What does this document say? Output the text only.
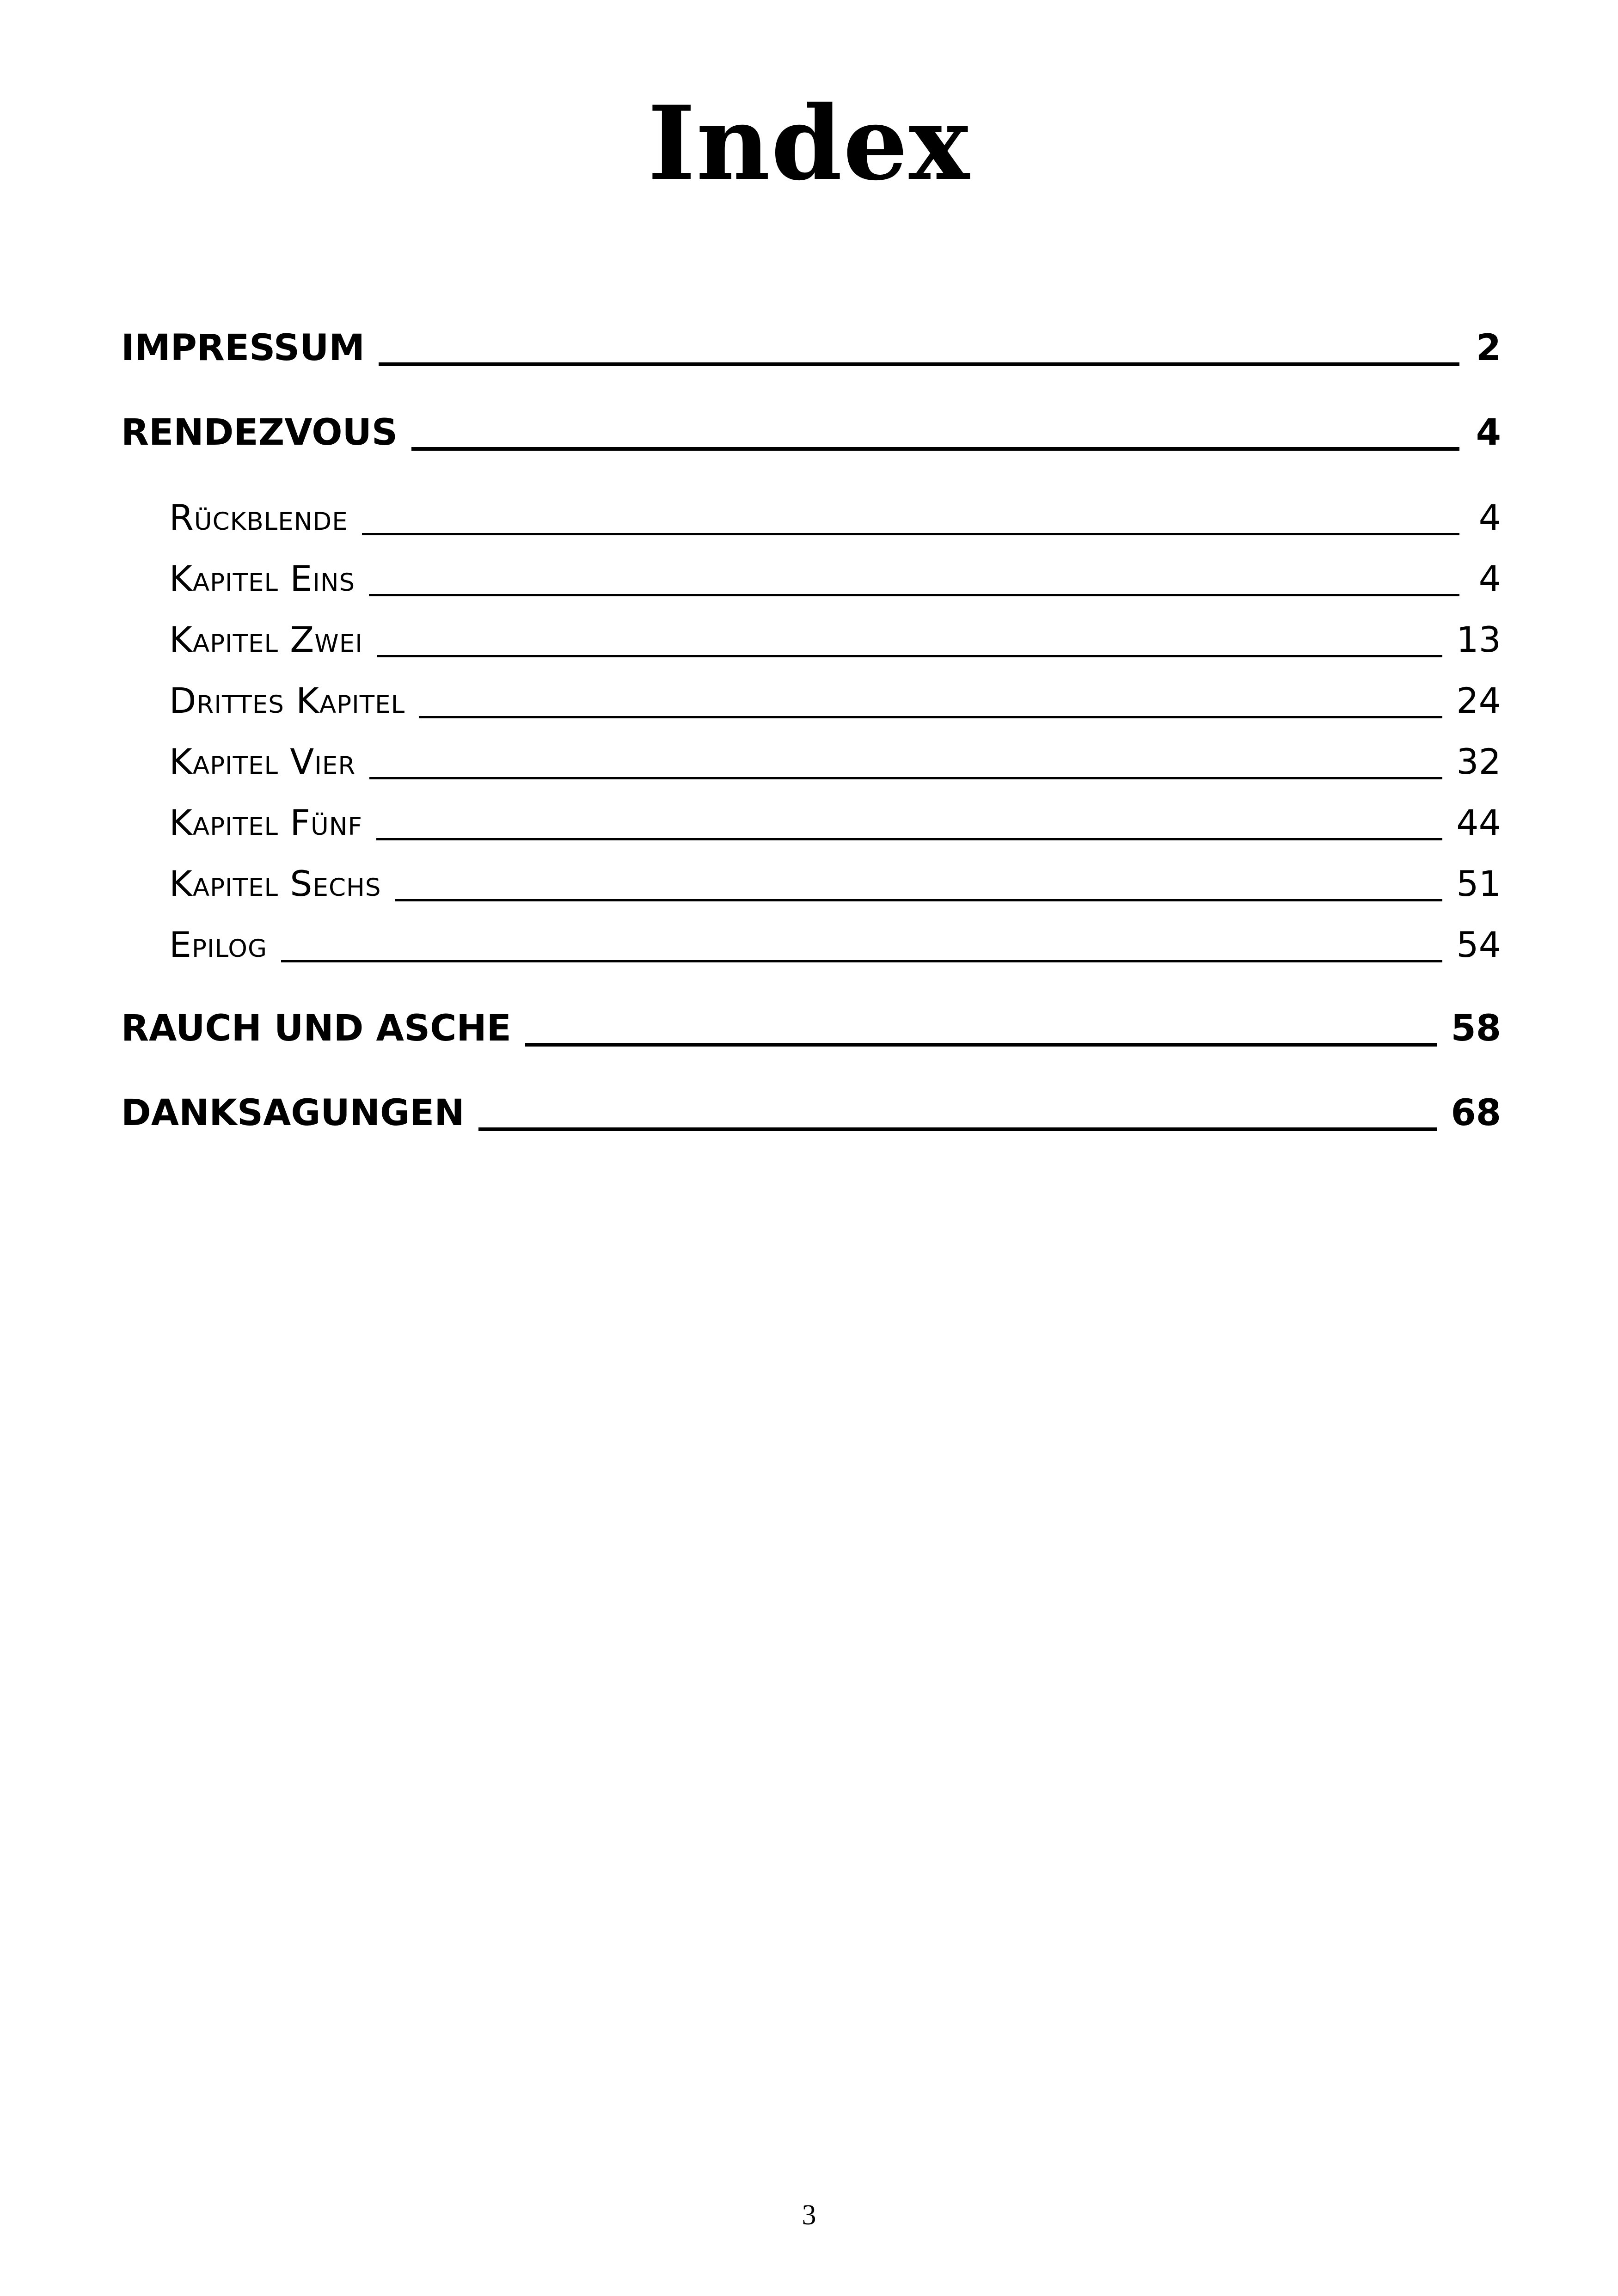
Index
IMPRESSUM	2
RENDEZVOUS	4
Rückblende	4
Kapitel Eins	4
Kapitel Zwei	13
Drittes Kapitel	24
Kapitel Vier	32
Kapitel Fünf	44
Kapitel Sechs	51
Epilog	54
RAUCH UND ASCHE	58
DANKSAGUNGEN	68
3
